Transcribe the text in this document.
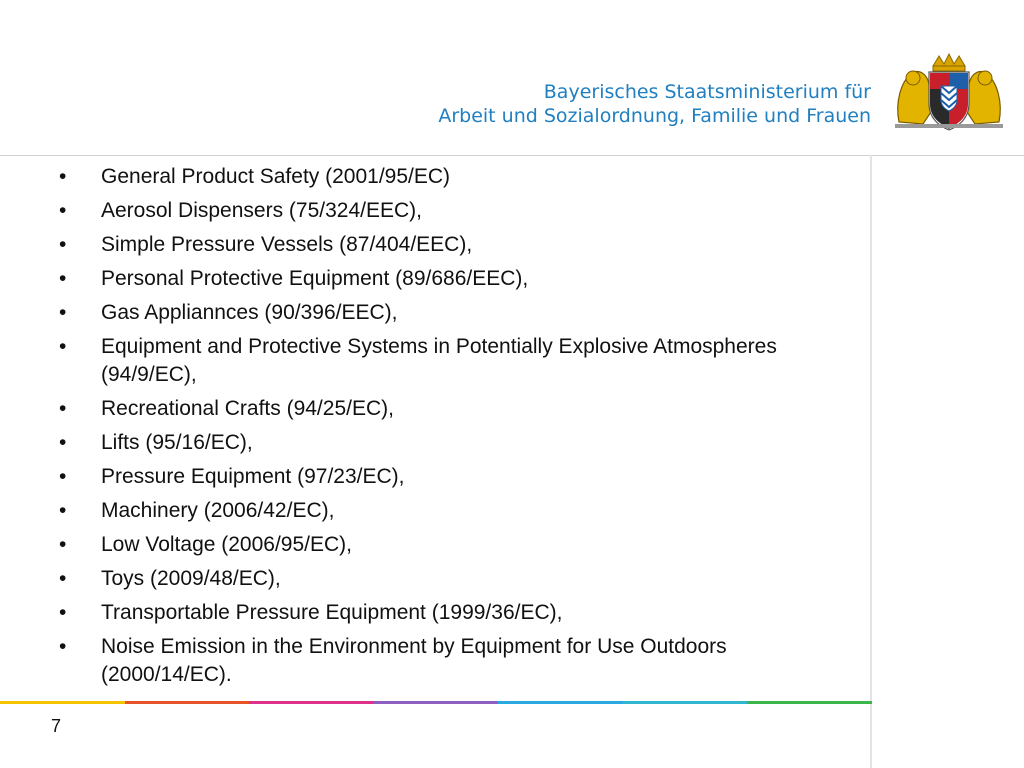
Bayerisches Staatsministerium für
Arbeit und Sozialordnung, Familie und Frauen
• General Product Safety (2001/95/EC)
• Aerosol Dispensers (75/324/EEC),
• Simple Pressure Vessels (87/404/EEC),
• Personal Protective Equipment (89/686/EEC),
• Gas Appliannces (90/396/EEC),
• Equipment and Protective Systems in Potentially Explosive Atmospheres (94/9/EC),
• Recreational Crafts (94/25/EC),
• Lifts (95/16/EC),
• Pressure Equipment (97/23/EC),
• Machinery (2006/42/EC),
• Low Voltage (2006/95/EC),
• Toys (2009/48/EC),
• Transportable Pressure Equipment (1999/36/EC),
• Noise Emission in the Environment by Equipment for Use Outdoors (2000/14/EC).
7
